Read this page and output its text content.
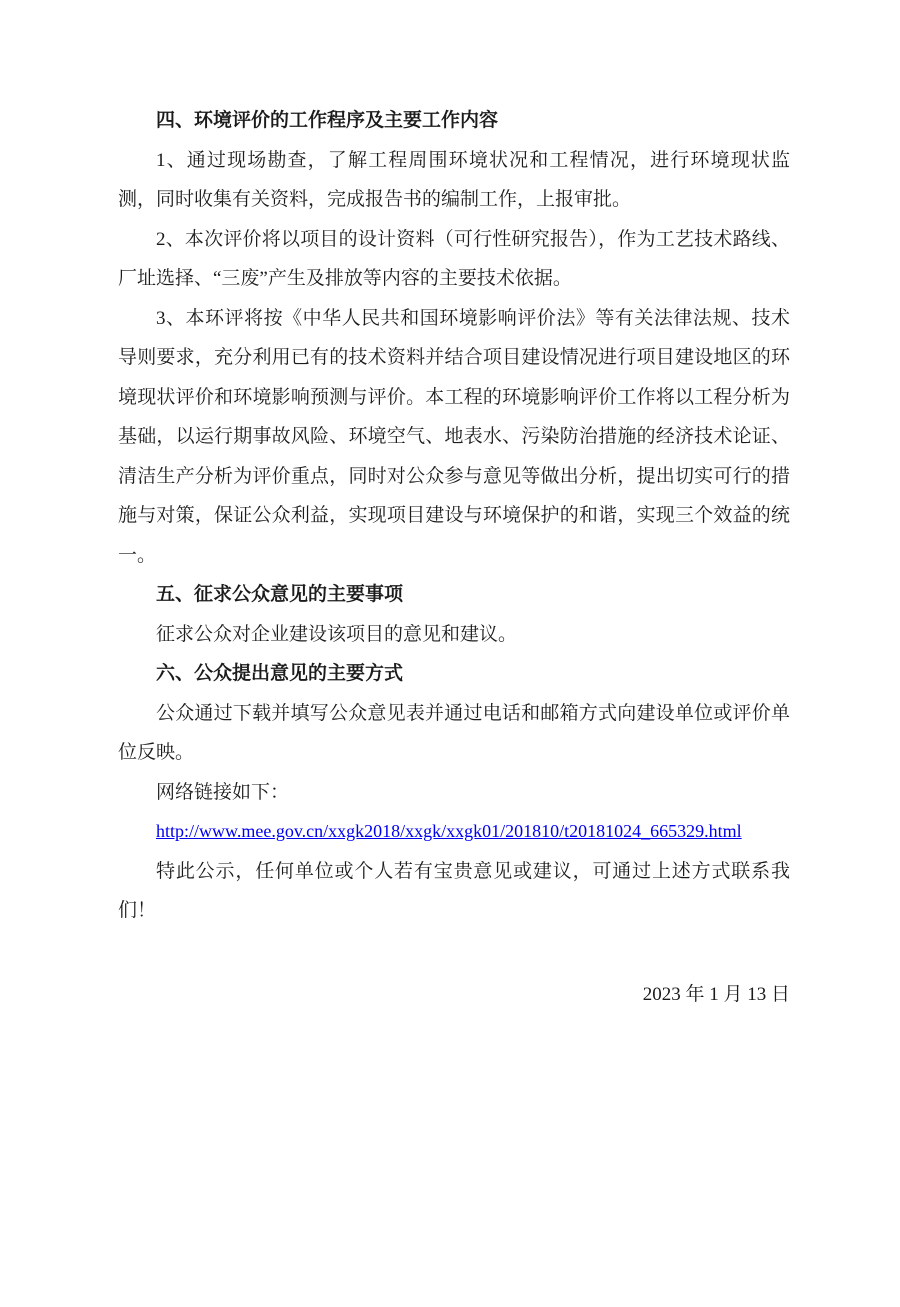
四、环境评价的工作程序及主要工作内容
1、通过现场勘查，了解工程周围环境状况和工程情况，进行环境现状监测，同时收集有关资料，完成报告书的编制工作，上报审批。
2、本次评价将以项目的设计资料（可行性研究报告），作为工艺技术路线、厂址选择、“三废”产生及排放等内容的主要技术依据。
3、本环评将按《中华人民共和国环境影响评价法》等有关法律法规、技术导则要求，充分利用已有的技术资料并结合项目建设情况进行项目建设地区的环境现状评价和环境影响预测与评价。本工程的环境影响评价工作将以工程分析为基础，以运行期事故风险、环境空气、地表水、污染防治措施的经济技术论证、清洁生产分析为评价重点，同时对公众参与意见等做出分析，提出切实可行的措施与对策，保证公众利益，实现项目建设与环境保护的和谐，实现三个效益的统一。
五、征求公众意见的主要事项
征求公众对企业建设该项目的意见和建议。
六、公众提出意见的主要方式
公众通过下载并填写公众意见表并通过电话和邮箱方式向建设单位或评价单位反映。
网络链接如下：
http://www.mee.gov.cn/xxgk2018/xxgk/xxgk01/201810/t20181024_665329.html
特此公示，任何单位或个人若有宝贵意见或建议，可通过上述方式联系我们！
2023 年 1 月 13 日
